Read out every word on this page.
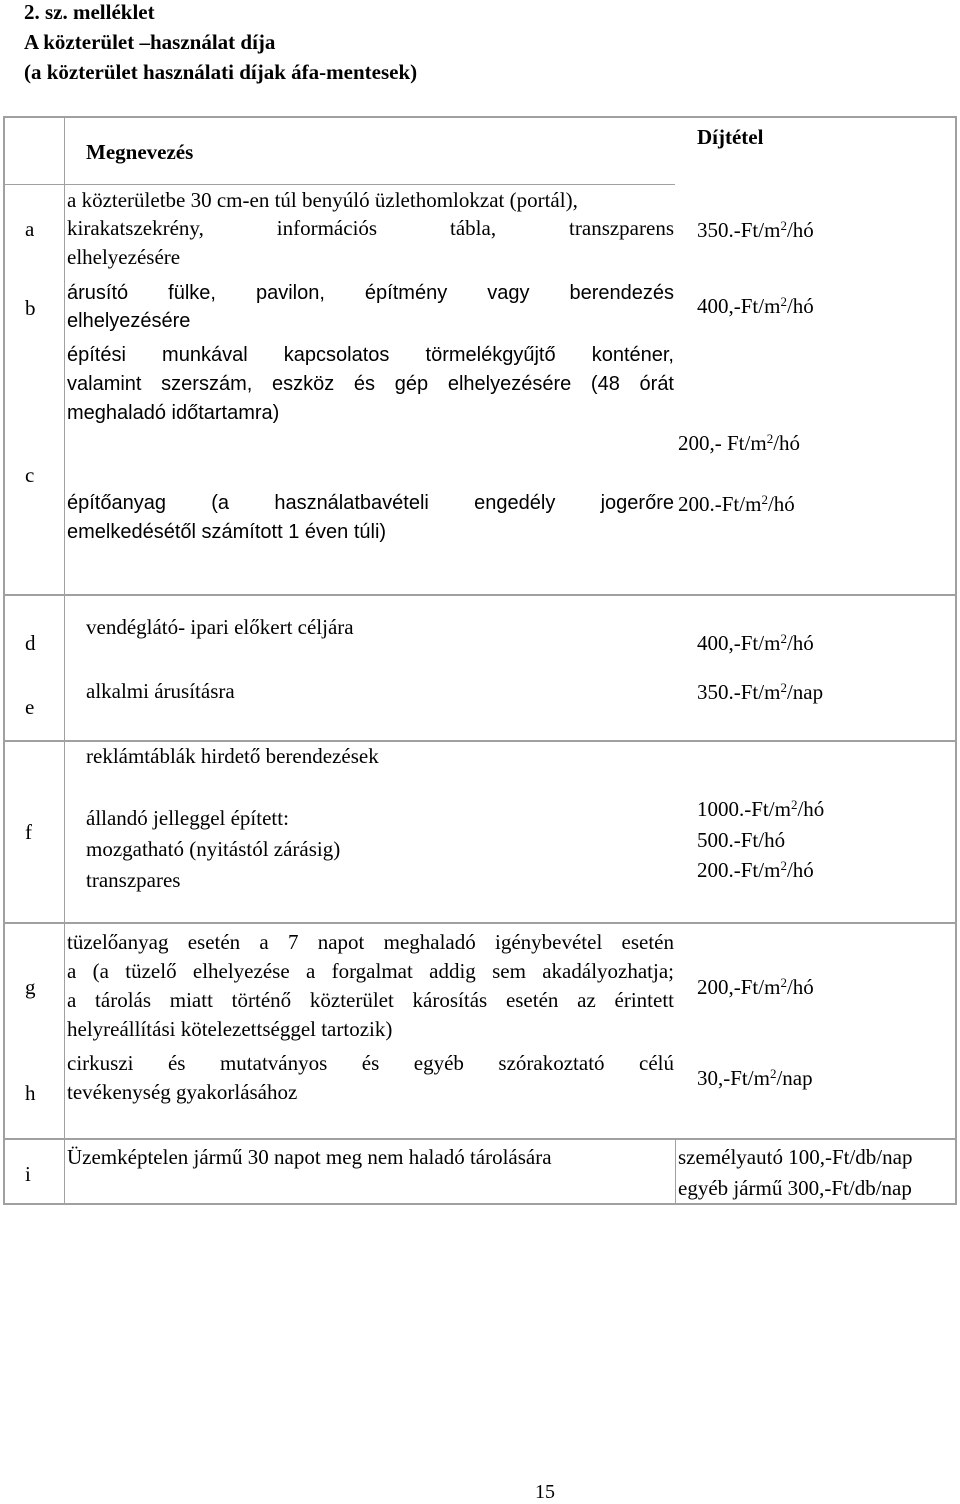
2. sz. melléklet
A közterület –használat díja
(a közterület használati díjak áfa-mentesek)
Megnevezés
Díjtétel
a
b
c
d
e
f
g
h
i
a közterületbe 30 cm-en túl benyúló üzlethomlokzat (portál),
kirakatszekrény, információs tábla, transzparens
elhelyezésére
$350.-Ft/m^2/hó$
árusító fülke, pavilon, építmény vagy berendezés
elhelyezésére
$400,-Ft/m^2/hó$
építési munkával kapcsolatos törmelékgyűjtő konténer,
valamint szerszám, eszköz és gép elhelyezésére (48 órát
meghaladó időtartamra)
200,- $Ft/m^2/hó$
építőanyag (a használatbavételi engedély jogerőre
emelkedésétől számított 1 éven túli)
$200.-Ft/m^2/hó$
vendéglátó- ipari előkert céljára
$400,-Ft/m^2/hó$
alkalmi árusításra	$350.-Ft/m^2$/nap
reklámtáblák hirdető berendezések
állandó jelleggel épített:
mozgatható (nyitástól zárásig)
transzpares
$1000.-Ft/m^2/hó$
500.-Ft/hó
$200.-Ft/m^2/hó$
tüzelőanyag esetén a 7 napot meghaladó igénybevétel esetén
a (a tüzelő elhelyezése a forgalmat addig sem akadályozhatja;
a tárolás miatt történő közterület károsítás esetén az érintett
helyreállítási kötelezettséggel tartozik)
$200,-Ft/m^2/hó$
cirkuszi és mutatványos és egyéb szórakoztató célú
tevékenység gyakorlásához
$30,-Ft/m^2$/nap
Üzemképtelen jármű 30 napot meg nem haladó tárolására	személyautó 100,-Ft/db/nap
egyéb jármű 300,-Ft/db/nap
15
